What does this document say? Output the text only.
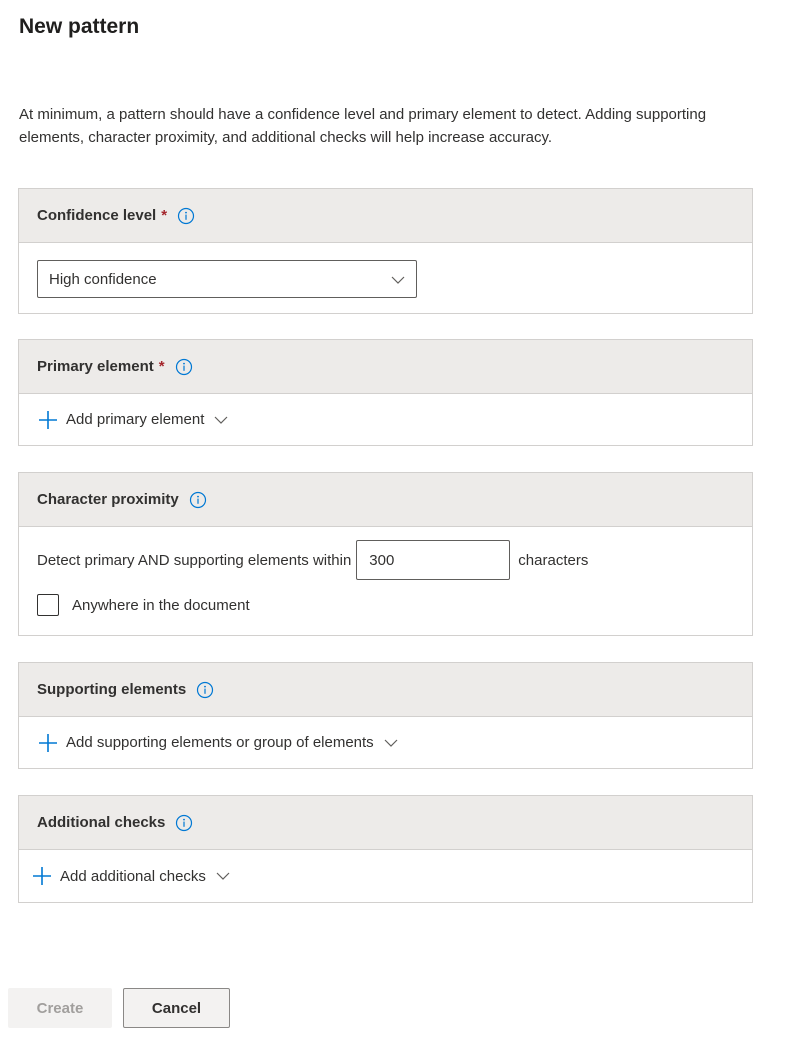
New pattern

At minimum, a pattern should have a confidence level and primary element to detect. Adding supporting elements, character proximity, and additional checks will help increase accuracy.

Confidence level *
High confidence
Primary element *
Add primary element
Character proximity
Detect primary AND supporting elements within
300	characters
Anywhere in the document
Supporting elements
Add supporting elements or group of elements
Additional checks
Add additional checks
Create	Cancel
